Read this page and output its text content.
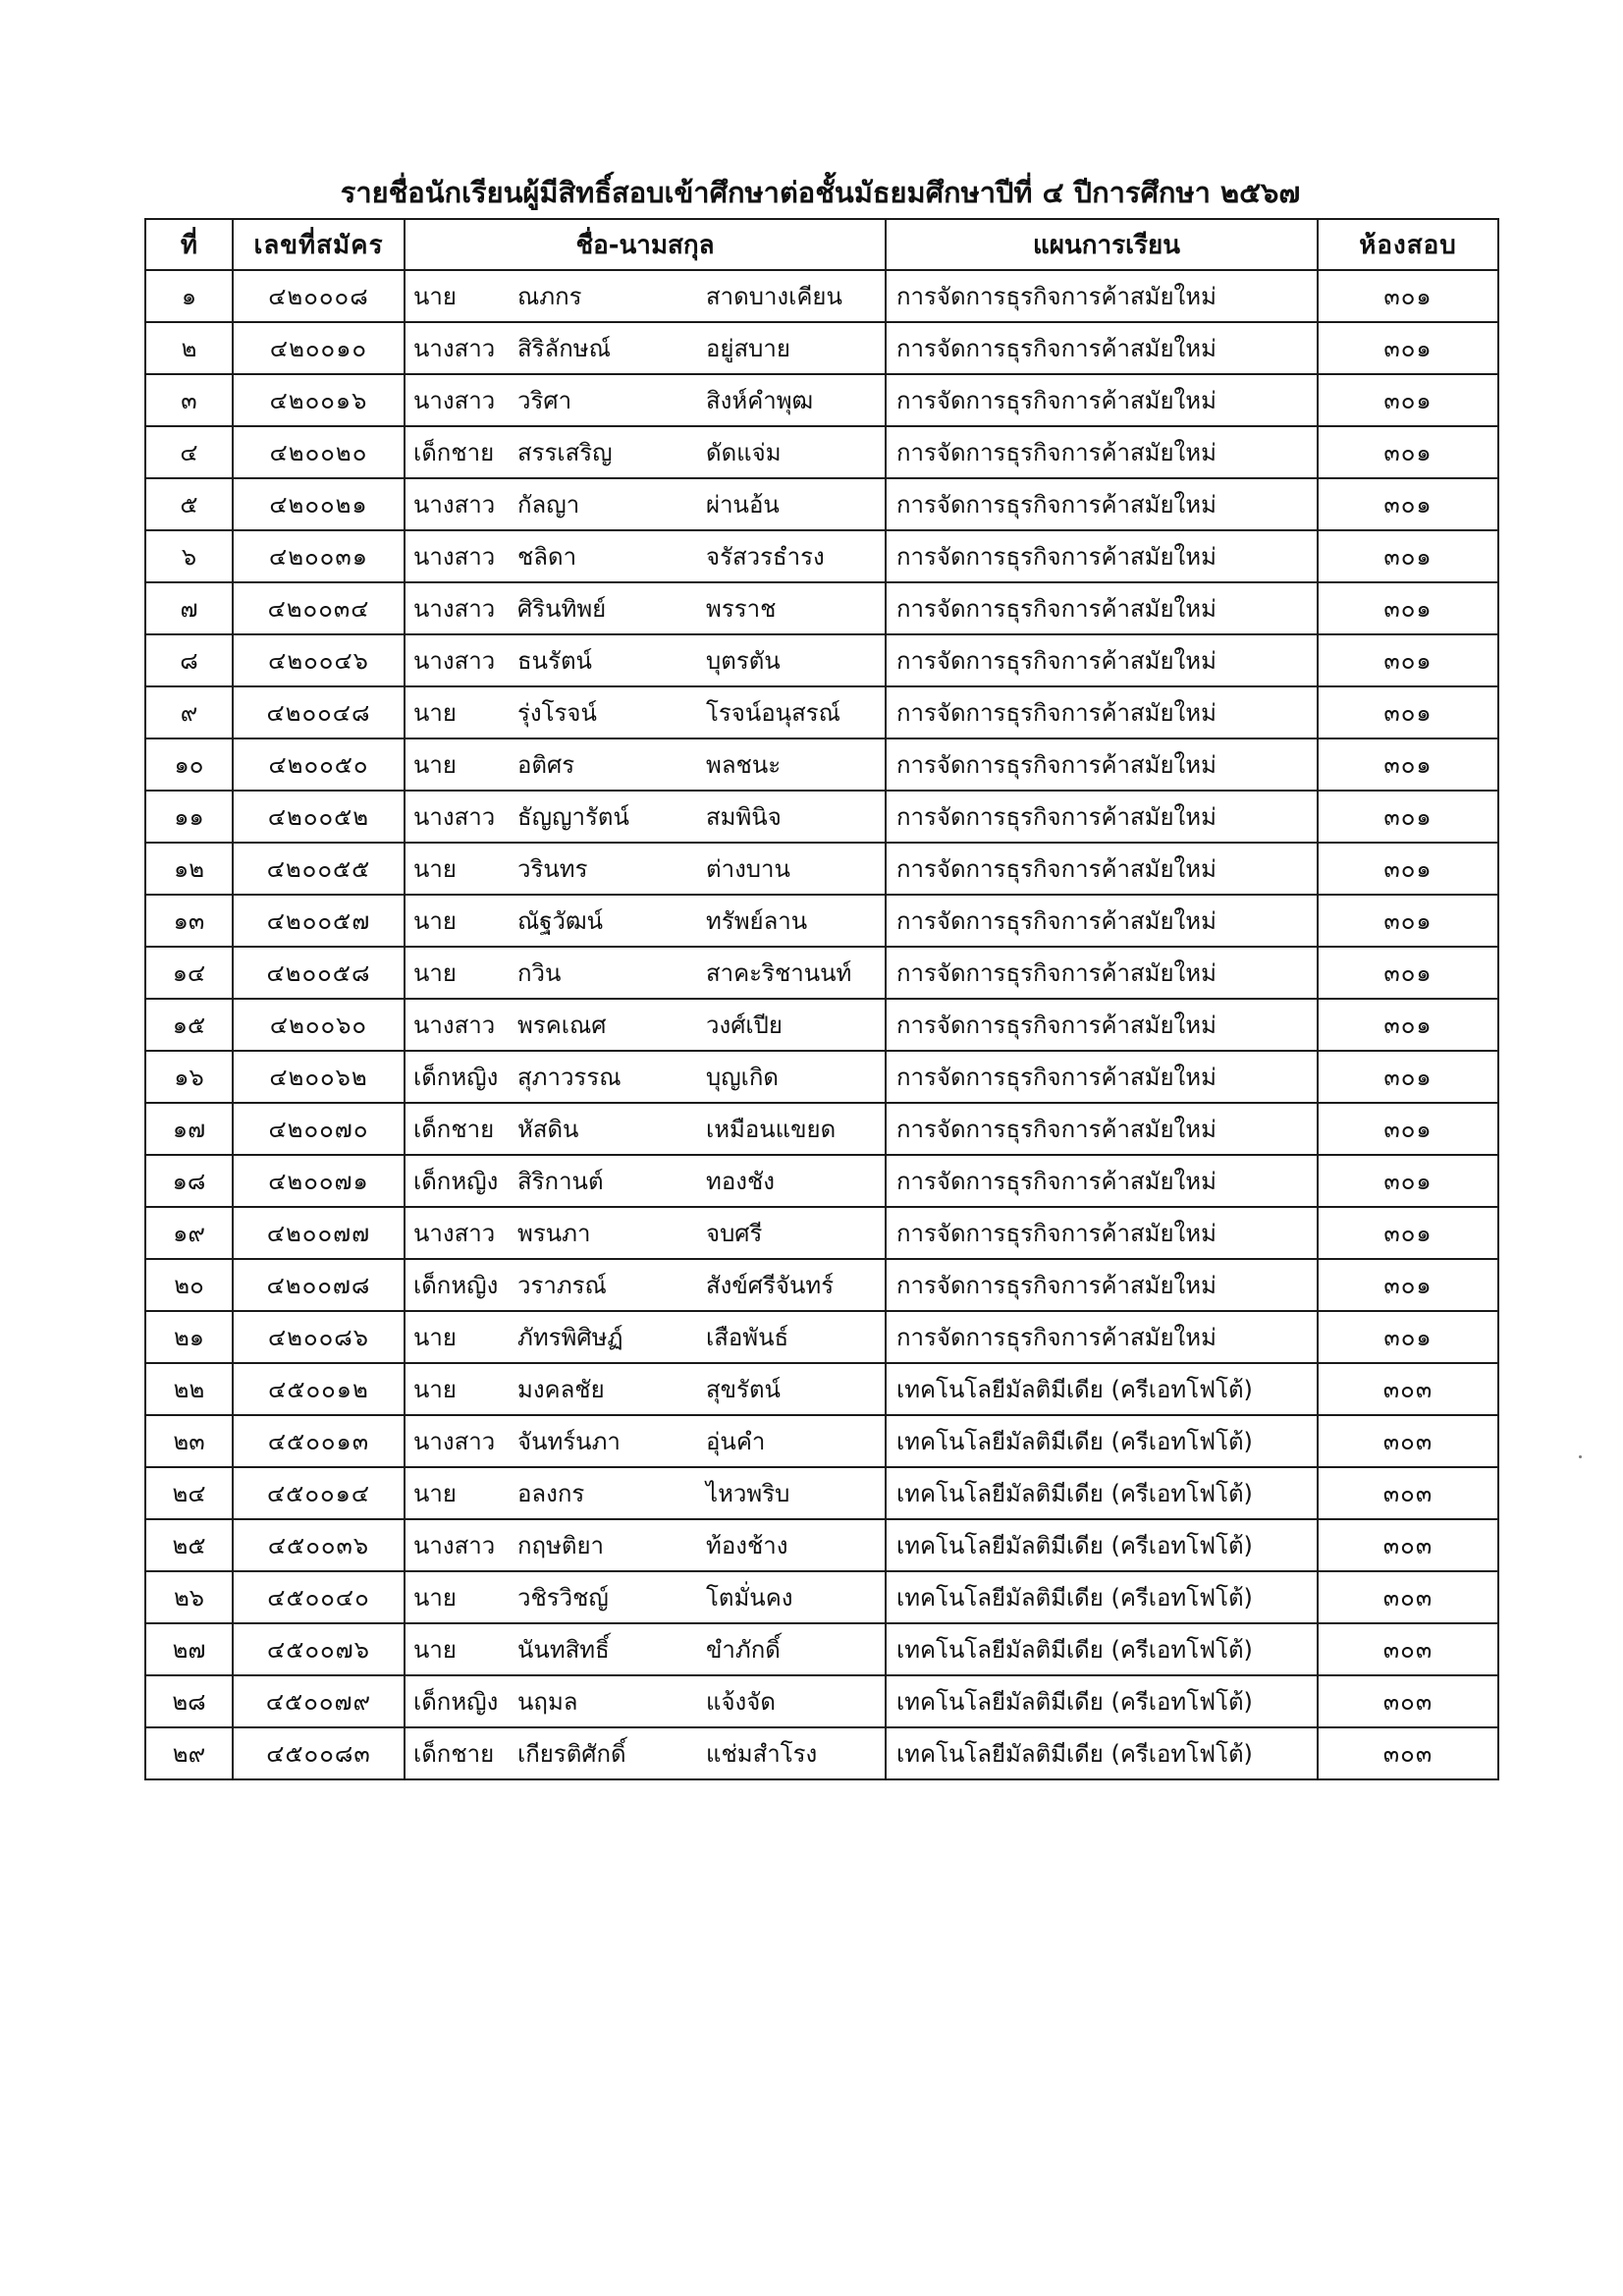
รายชื่อนักเรียนผู้มีสิทธิ์สอบเข้าศึกษาต่อชั้นมัธยมศึกษาปีที่ ๔ ปีการศึกษา ๒๕๖๗
ที่	เลขที่สมัคร	ชื่อ-นามสกุล	แผนการเรียน	ห้องสอบ
๑	๔๒๐๐๐๘	นาย ณภกร สาดบางเคียน	การจัดการธุรกิจการค้าสมัยใหม่	๓๐๑
๒	๔๒๐๐๑๐	นางสาว สิริลักษณ์ อยู่สบาย	การจัดการธุรกิจการค้าสมัยใหม่	๓๐๑
๓	๔๒๐๐๑๖	นางสาว วริศา สิงห์คำพุฒ	การจัดการธุรกิจการค้าสมัยใหม่	๓๐๑
๔	๔๒๐๐๒๐	เด็กชาย สรรเสริญ ดัดแจ่ม	การจัดการธุรกิจการค้าสมัยใหม่	๓๐๑
๕	๔๒๐๐๒๑	นางสาว กัลญา ผ่านอ้น	การจัดการธุรกิจการค้าสมัยใหม่	๓๐๑
๖	๔๒๐๐๓๑	นางสาว ชลิดา จรัสวรธำรง	การจัดการธุรกิจการค้าสมัยใหม่	๓๐๑
๗	๔๒๐๐๓๔	นางสาว ศิรินทิพย์ พรราช	การจัดการธุรกิจการค้าสมัยใหม่	๓๐๑
๘	๔๒๐๐๔๖	นางสาว ธนรัตน์ บุตรตัน	การจัดการธุรกิจการค้าสมัยใหม่	๓๐๑
๙	๔๒๐๐๔๘	นาย รุ่งโรจน์ โรจน์อนุสรณ์	การจัดการธุรกิจการค้าสมัยใหม่	๓๐๑
๑๐	๔๒๐๐๕๐	นาย อติศร พลชนะ	การจัดการธุรกิจการค้าสมัยใหม่	๓๐๑
๑๑	๔๒๐๐๕๒	นางสาว ธัญญารัตน์ สมพินิจ	การจัดการธุรกิจการค้าสมัยใหม่	๓๐๑
๑๒	๔๒๐๐๕๕	นาย วรินทร ต่างบาน	การจัดการธุรกิจการค้าสมัยใหม่	๓๐๑
๑๓	๔๒๐๐๕๗	นาย ณัฐวัฒน์ ทรัพย์ลาน	การจัดการธุรกิจการค้าสมัยใหม่	๓๐๑
๑๔	๔๒๐๐๕๘	นาย กวิน สาคะริชานนท์	การจัดการธุรกิจการค้าสมัยใหม่	๓๐๑
๑๕	๔๒๐๐๖๐	นางสาว พรคเณศ วงศ์เปีย	การจัดการธุรกิจการค้าสมัยใหม่	๓๐๑
๑๖	๔๒๐๐๖๒	เด็กหญิง สุภาวรรณ บุญเกิด	การจัดการธุรกิจการค้าสมัยใหม่	๓๐๑
๑๗	๔๒๐๐๗๐	เด็กชาย หัสดิน เหมือนแขยด	การจัดการธุรกิจการค้าสมัยใหม่	๓๐๑
๑๘	๔๒๐๐๗๑	เด็กหญิง สิริกานต์ ทองชัง	การจัดการธุรกิจการค้าสมัยใหม่	๓๐๑
๑๙	๔๒๐๐๗๗	นางสาว พรนภา จบศรี	การจัดการธุรกิจการค้าสมัยใหม่	๓๐๑
๒๐	๔๒๐๐๗๘	เด็กหญิง วราภรณ์ สังข์ศรีจันทร์	การจัดการธุรกิจการค้าสมัยใหม่	๓๐๑
๒๑	๔๒๐๐๘๖	นาย ภัทรพิศิษฏ์ เสือพันธ์	การจัดการธุรกิจการค้าสมัยใหม่	๓๐๑
๒๒	๔๕๐๐๑๒	นาย มงคลชัย สุขรัตน์	เทคโนโลยีมัลติมีเดีย (ครีเอทโฟโต้)	๓๐๓
๒๓	๔๕๐๐๑๓	นางสาว จันทร์นภา อุ่นคำ	เทคโนโลยีมัลติมีเดีย (ครีเอทโฟโต้)	๓๐๓
๒๔	๔๕๐๐๑๔	นาย อลงกร ไหวพริบ	เทคโนโลยีมัลติมีเดีย (ครีเอทโฟโต้)	๓๐๓
๒๕	๔๕๐๐๓๖	นางสาว กฤษติยา ท้องช้าง	เทคโนโลยีมัลติมีเดีย (ครีเอทโฟโต้)	๓๐๓
๒๖	๔๕๐๐๔๐	นาย วชิรวิชญ์ โตมั่นคง	เทคโนโลยีมัลติมีเดีย (ครีเอทโฟโต้)	๓๐๓
๒๗	๔๕๐๐๗๖	นาย นันทสิทธิ์ ขำภักดิ์	เทคโนโลยีมัลติมีเดีย (ครีเอทโฟโต้)	๓๐๓
๒๘	๔๕๐๐๗๙	เด็กหญิง นฤมล แจ้งจัด	เทคโนโลยีมัลติมีเดีย (ครีเอทโฟโต้)	๓๐๓
๒๙	๔๕๐๐๘๓	เด็กชาย เกียรติศักดิ์ แช่มสำโรง	เทคโนโลยีมัลติมีเดีย (ครีเอทโฟโต้)	๓๐๓
